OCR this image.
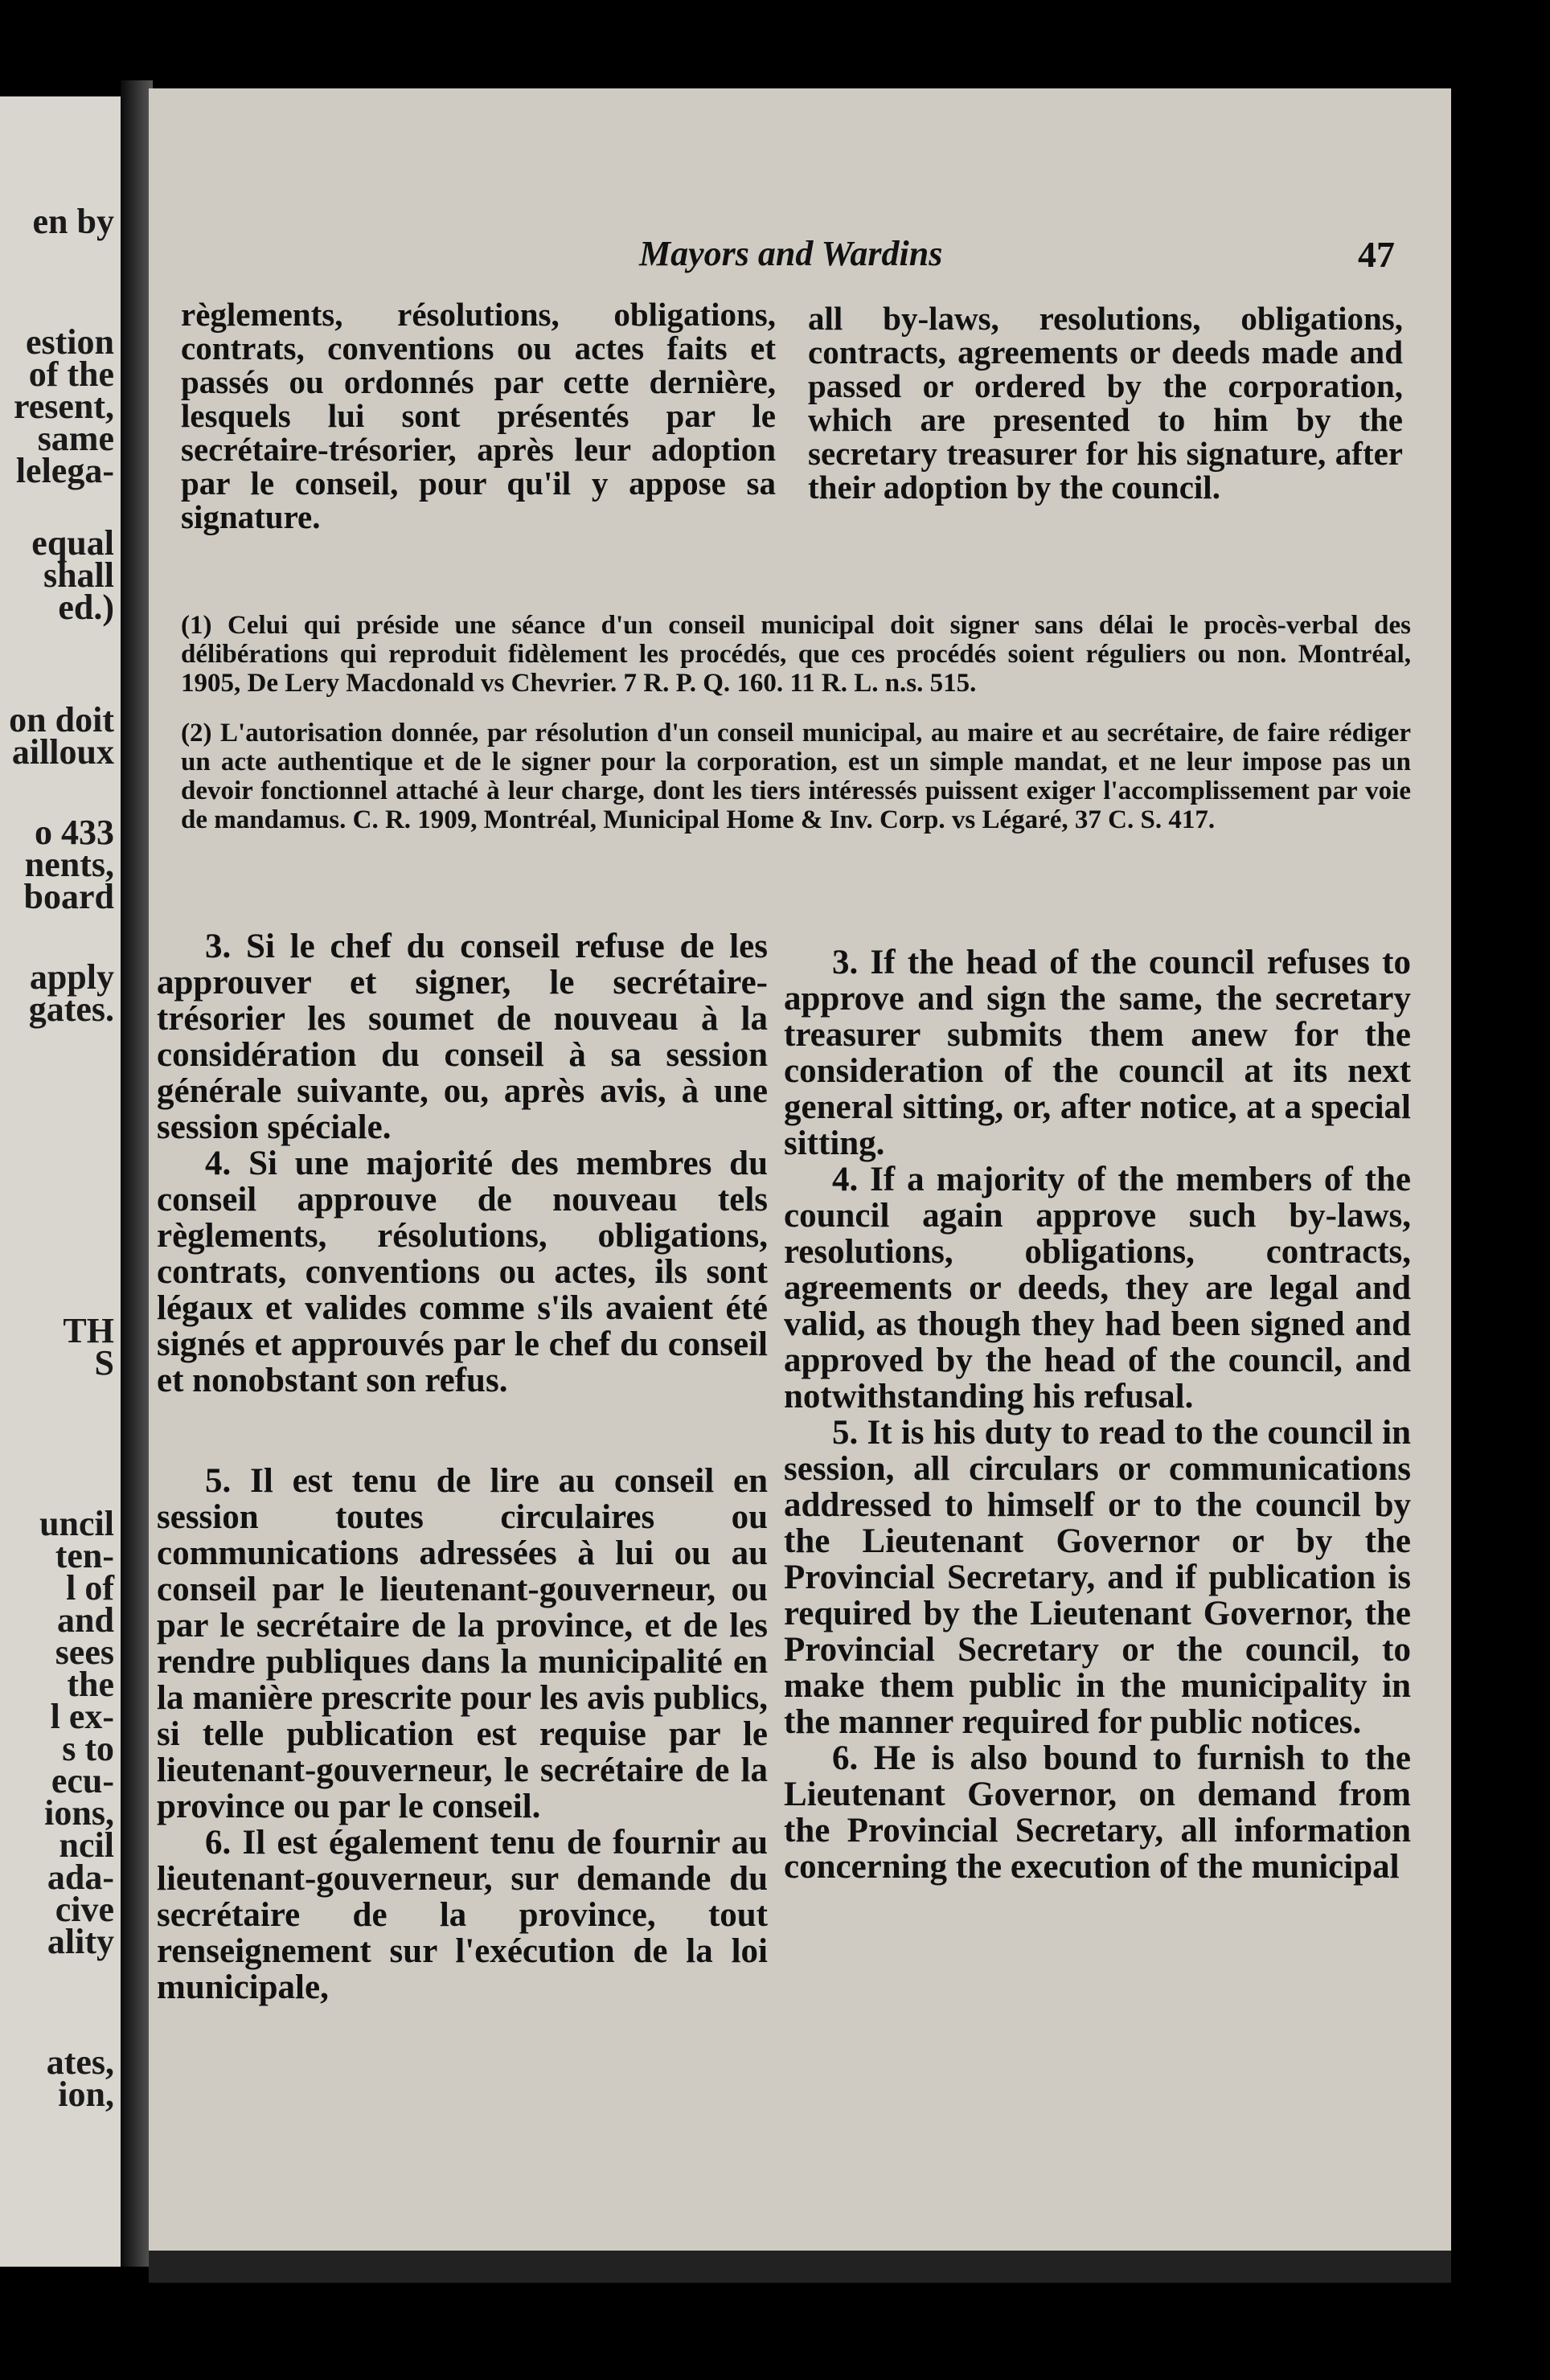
en by
estion
of the
resent,
same
lelega-
equal
shall
ed.)
on doit
ailloux
o 433
nents,
board
apply
gates.
TH
S
uncil
ten-
l of
and
sees
the
l ex-
s to
ecu-
ions,
ncil
ada-
cive
ality
ates,
ion,
Mayors and Wardins	47

règlements, résolutions, obligations, contrats, conventions ou actes faits et passés ou ordonnés par cette dernière, lesquels lui sont présentés par le secrétaire-trésorier, après leur adoption par le conseil, pour qu'il y appose sa signature.

all by-laws, resolutions, obligations, contracts, agreements or deeds made and passed or ordered by the corporation, which are presented to him by the secretary treasurer for his signature, after their adoption by the council.

(1) Celui qui préside une séance d'un conseil municipal doit signer sans délai le procès-verbal des délibérations qui reproduit fidèlement les procédés, que ces procédés soient réguliers ou non. Montréal, 1905, De Lery Macdonald vs Chevrier. 7 R. P. Q. 160. 11 R. L. n.s. 515.

(2) L'autorisation donnée, par résolution d'un conseil municipal, au maire et au secrétaire, de faire rédiger un acte authentique et de le signer pour la corporation, est un simple mandat, et ne leur impose pas un devoir fonctionnel attaché à leur charge, dont les tiers intéressés puissent exiger l'accomplissement par voie de mandamus. C. R. 1909, Montréal, Municipal Home & Inv. Corp. vs Légaré, 37 C. S. 417.

3. Si le chef du conseil refuse de les approuver et signer, le secrétaire-trésorier les soumet de nouveau à la considération du conseil à sa session générale suivante, ou, après avis, à une session spéciale.

4. Si une majorité des membres du conseil approuve de nouveau tels règlements, résolutions, obligations, contrats, conventions ou actes, ils sont légaux et valides comme s'ils avaient été signés et approuvés par le chef du conseil et nonobstant son refus.

5. Il est tenu de lire au conseil en session toutes circulaires ou communications adressées à lui ou au conseil par le lieutenant-gouverneur, ou par le secrétaire de la province, et de les rendre publiques dans la municipalité en la manière prescrite pour les avis publics, si telle publication est requise par le lieutenant-gouverneur, le secrétaire de la province ou par le conseil.

6. Il est également tenu de fournir au lieutenant-gouverneur, sur demande du secrétaire de la province, tout renseignement sur l'exécution de la loi municipale,

3. If the head of the council refuses to approve and sign the same, the secretary treasurer submits them anew for the consideration of the council at its next general sitting, or, after notice, at a special sitting.

4. If a majority of the members of the council again approve such by-laws, resolutions, obligations, contracts, agreements or deeds, they are legal and valid, as though they had been signed and approved by the head of the council, and notwithstanding his refusal.

5. It is his duty to read to the council in session, all circulars or communications addressed to himself or to the council by the Lieutenant Governor or by the Provincial Secretary, and if publication is required by the Lieutenant Governor, the Provincial Secretary or the council, to make them public in the municipality in the manner required for public notices.

6. He is also bound to furnish to the Lieutenant Governor, on demand from the Provincial Secretary, all information concerning the execution of the municipal
